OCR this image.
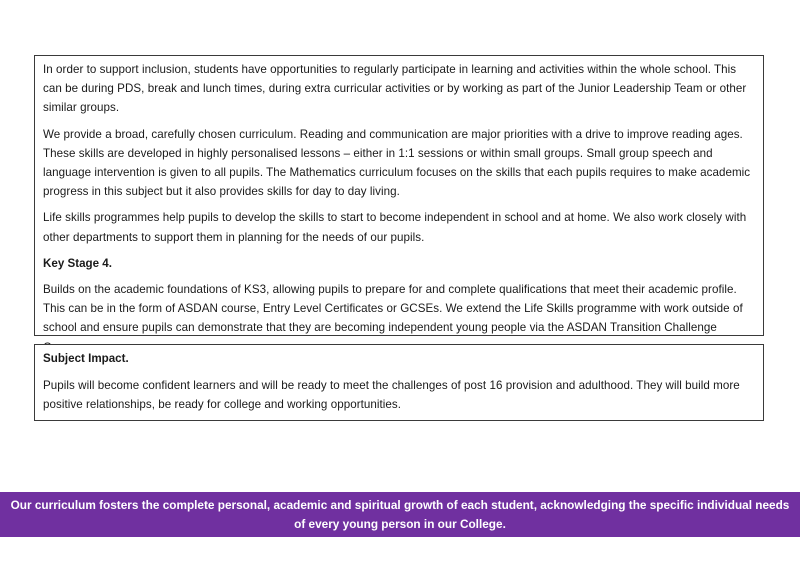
In order to support inclusion, students have opportunities to regularly participate in learning and activities within the whole school. This can be during PDS, break and lunch times, during extra curricular activities or by working as part of the Junior Leadership Team or other similar groups.

We provide a broad, carefully chosen curriculum. Reading and communication are major priorities with a drive to improve reading ages. These skills are developed in highly personalised lessons – either in 1:1 sessions or within small groups. Small group speech and language intervention is given to all pupils. The Mathematics curriculum focuses on the skills that each pupils requires to make academic progress in this subject but it also provides skills for day to day living.

Life skills programmes help pupils to develop the skills to start to become independent in school and at home. We also work closely with other departments to support them in planning for the needs of our pupils.

Key Stage 4.

Builds on the academic foundations of KS3, allowing pupils to prepare for and complete qualifications that meet their academic profile. This can be in the form of ASDAN course, Entry Level Certificates or GCSEs. We extend the Life Skills programme with work outside of school and ensure pupils can demonstrate that they are becoming independent young people via the ASDAN Transition Challenge

Subject Impact.

Pupils will become confident learners and will be ready to meet the challenges of post 16 provision and adulthood. They will build more positive relationships, be ready for college and working opportunities.

Our curriculum fosters the complete personal, academic and spiritual growth of each student, acknowledging the specific individual needs of every young person in our College.
